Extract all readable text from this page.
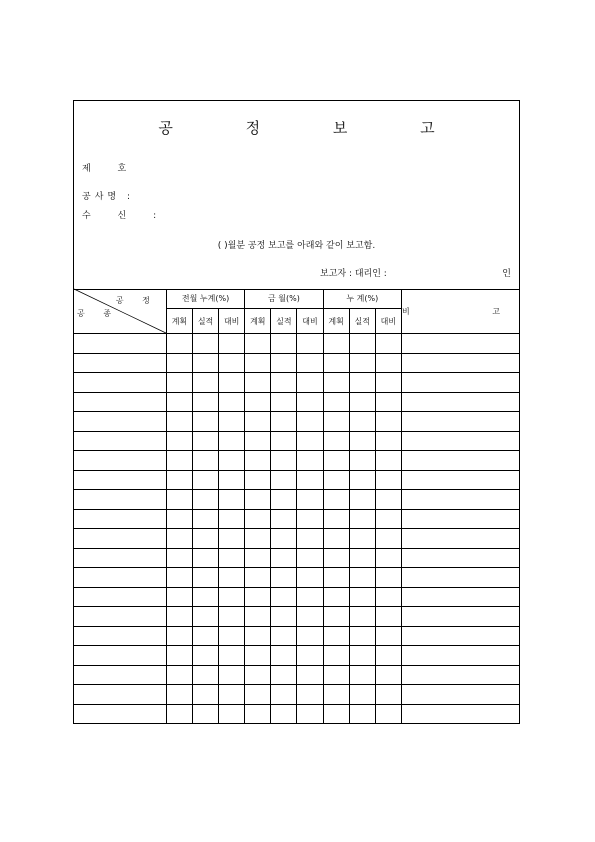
공 정 보 고
제 호
공사명 :
수 신 :
( )월분 공정 보고를 아래와 같이 보고함.
보고자 : 대리인 :	인
공 정
공 종	전월 누계(%)			금 월(%)			누 계(%)			비 고
	계획	실적	대비	계획	실적	대비	계획	실적	대비	
